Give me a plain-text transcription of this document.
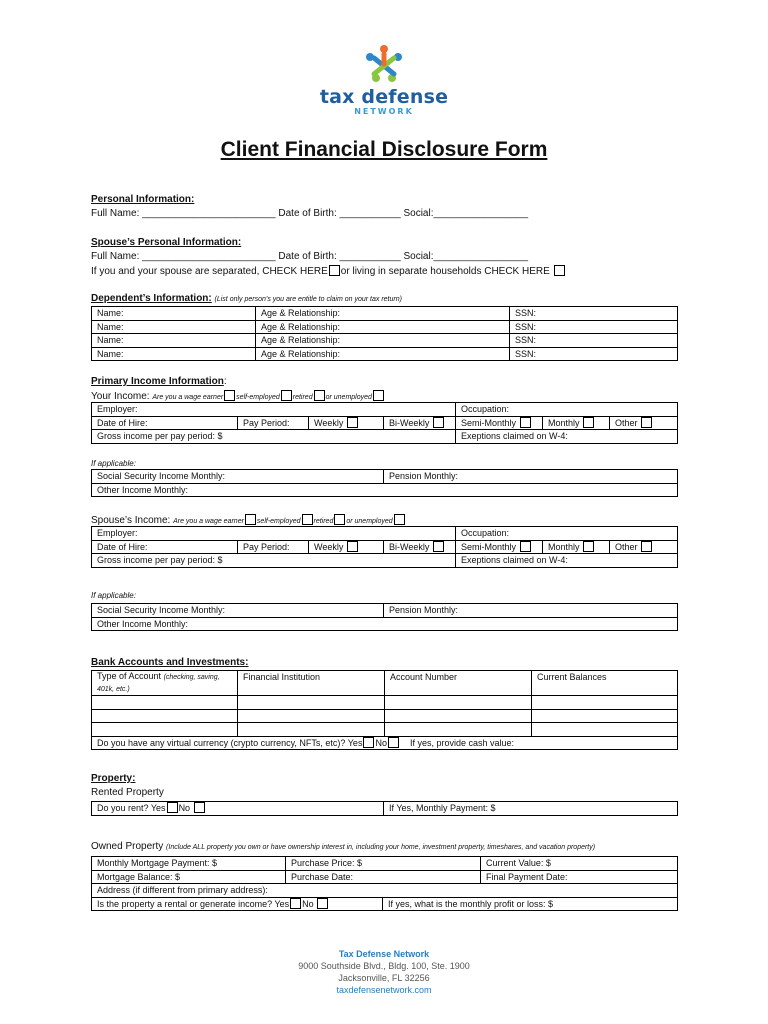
tax defense
NETWORK
Client Financial Disclosure Form
Personal Information:
Full Name: ________________________ Date of Birth: ___________ Social:_________________
Spouse’s Personal Information:
Full Name: ________________________ Date of Birth: ___________ Social:_________________
If you and your spouse are separated, CHECK HERE or living in separate households CHECK HERE
Dependent’s Information: (List only person’s you are entitle to claim on your tax return)
Name:	Age & Relationship:	SSN:
Name:	Age & Relationship:	SSN:
Name:	Age & Relationship:	SSN:
Name:	Age & Relationship:	SSN:
Primary Income Information:
Your Income: Are you a wage earner self-employed retired or unemployed
Employer:				Occupation:		
Date of Hire:	Pay Period:	Weekly	Bi-Weekly	Semi-Monthly	Monthly	Other
Gross income per pay period: $				Exeptions claimed on W-4:		
If applicable:
Social Security Income Monthly:	Pension Monthly:
Other Income Monthly:
Spouse’s Income: Are you a wage earner self-employed retired or unemployed
Employer:				Occupation:		
Date of Hire:	Pay Period:	Weekly	Bi-Weekly	Semi-Monthly	Monthly	Other
Gross income per pay period: $				Exeptions claimed on W-4:		
If applicable:
Social Security Income Monthly:	Pension Monthly:
Other Income Monthly:
Bank Accounts and Investments:
Type of Account (checking, saving, 401k, etc.)	Financial Institution	Account Number	Current Balances

Do you have any virtual currency (crypto currency, NFTs, etc)? Yes No If yes, provide cash value:			
Property:
Rented Property
Do you rent? Yes No	If Yes, Monthly Payment: $
Owned Property (Include ALL property you own or have ownership interest in, including your home, investment property, timeshares, and vacation property)
Monthly Mortgage Payment: $	Purchase Price: $		Current Value: $
Mortgage Balance: $	Purchase Date:		Final Payment Date:
Address (if different from primary address):			
Is the property a rental or generate income? Yes No		If yes, what is the monthly profit or loss: $	
Tax Defense Network
9000 Southside Blvd., Bldg. 100, Ste. 1900
Jacksonville, FL 32256
taxdefensenetwork.com
